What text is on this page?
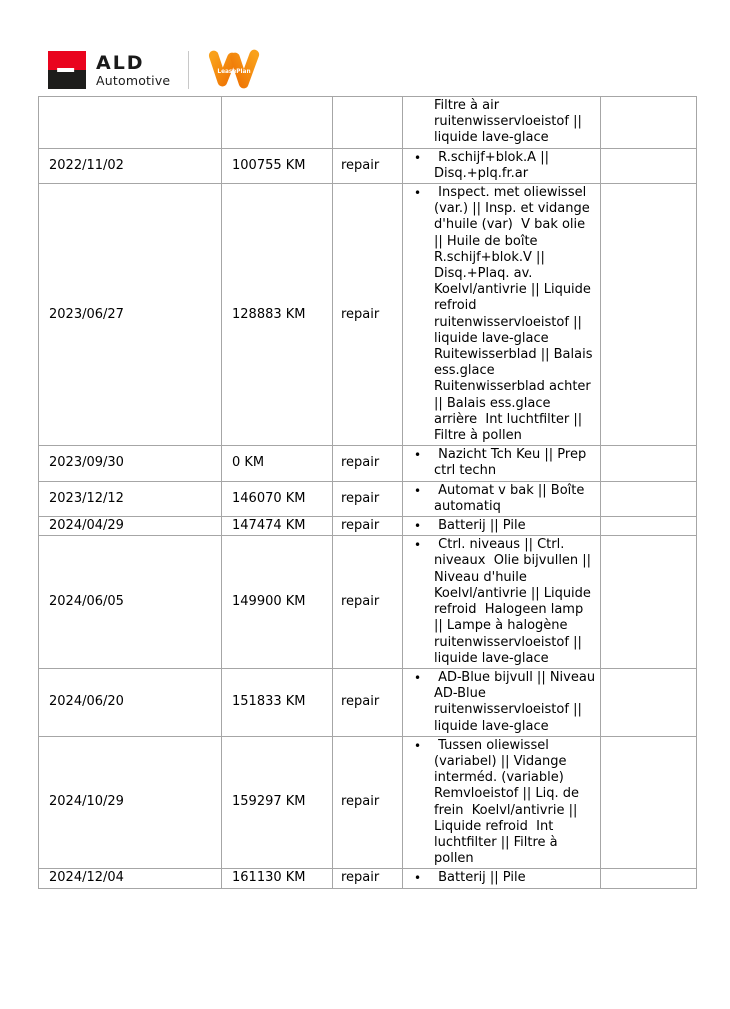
ALD
Automotive
LeasePlan

			Filtre à air  ruitenwisservloeistof || liquide lave-glace	

2022/11/02	100755 KM	repair	• R.schijf+blok.A || Disq.+plq.fr.ar	

2023/06/27	128883 KM	repair	• Inspect. met oliewissel (var.) || Insp. et vidange d'huile (var)  V bak olie || Huile de boîte  R.schijf+blok.V || Disq.+Plaq. av.  Koelvl/antivrie || Liquide refroid  ruitenwisservloeistof || liquide lave-glace  Ruitewisserblad || Balais ess.glace  Ruitenwisserblad achter || Balais ess.glace arrière  Int luchtfilter || Filtre à pollen	

2023/09/30	0 KM	repair	• Nazicht Tch Keu || Prep ctrl techn	

2023/12/12	146070 KM	repair	• Automat v bak || Boîte automatiq	

2024/04/29	147474 KM	repair	• Batterij || Pile	

2024/06/05	149900 KM	repair	• Ctrl. niveaus || Ctrl. niveaux  Olie bijvullen || Niveau d'huile  Koelvl/antivrie || Liquide refroid  Halogeen lamp || Lampe à halogène  ruitenwisservloeistof || liquide lave-glace	

2024/06/20	151833 KM	repair	• AD-Blue bijvull || Niveau AD-Blue  ruitenwisservloeistof || liquide lave-glace	

2024/10/29	159297 KM	repair	• Tussen oliewissel (variabel) || Vidange interméd. (variable)  Remvloeistof || Liq. de frein  Koelvl/antivrie || Liquide refroid  Int luchtfilter || Filtre à pollen	

2024/12/04	161130 KM	repair	• Batterij || Pile	
